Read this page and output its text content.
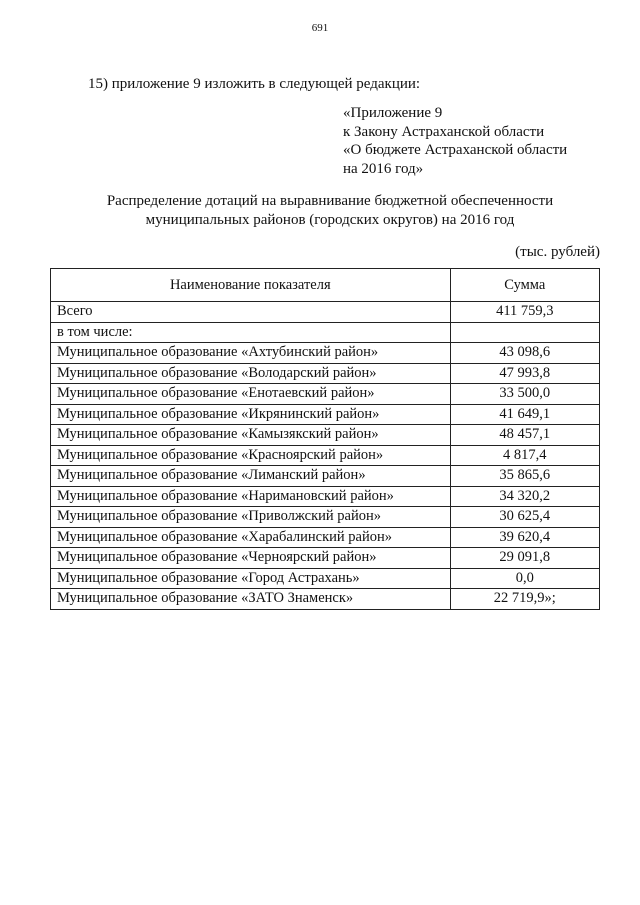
691
15) приложение 9 изложить в следующей редакции:
«Приложение 9
к Закону Астраханской области
«О бюджете Астраханской области
на 2016 год»
Распределение дотаций на выравнивание бюджетной обеспеченности
муниципальных районов (городских округов) на 2016 год
(тыс. рублей)
Наименование показателя	Сумма
Всего	411 759,3
в том числе:	
Муниципальное образование «Ахтубинский район»	43 098,6
Муниципальное образование «Володарский район»	47 993,8
Муниципальное образование «Енотаевский район»	33 500,0
Муниципальное образование «Икрянинский район»	41 649,1
Муниципальное образование «Камызякский район»	48 457,1
Муниципальное образование «Красноярский район»	4 817,4
Муниципальное образование «Лиманский район»	35 865,6
Муниципальное образование «Наримановский район»	34 320,2
Муниципальное образование «Приволжский район»	30 625,4
Муниципальное образование «Харабалинский район»	39 620,4
Муниципальное образование «Черноярский район»	29 091,8
Муниципальное образование «Город Астрахань»	0,0
Муниципальное образование «ЗАТО Знаменск»	22 719,9»;
